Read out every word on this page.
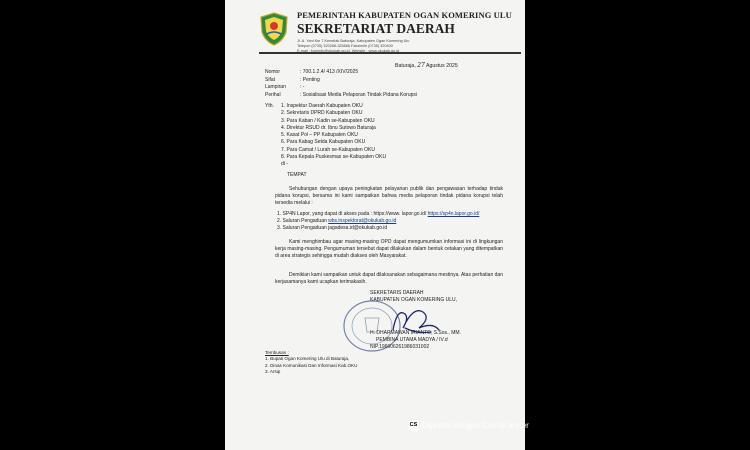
PEMERINTAH KABUPATEN OGAN KOMERING ULU
SEKRETARIAT DAERAH
Jl. A. Yani Km 7 Kemelak Baturaja, Kabupaten Ogan Komering Ulu
Telepon (0735) 320266-325666 Faksimile (0735) 320400
E-mail : kominfo@okukab.go.id, Website : www.okukab.go.id
Baturaja, 27 Agustus 2025
Nomor	: 700.1.2.4/ 413 /XIV/2025
Sifat	: Penting
Lampiran	: -
Perihal	: Sosialisasi Media Pelaporan Tindak Pidana Korupsi
Yth. 1. Inspektur Daerah Kabupaten OKU
2. Sekretaris DPRD Kabupaten OKU
3. Para Kaban / Kadin se-Kabupaten OKU
4. Direktur RSUD dr. Ibnu Sutowo Baturaja
5. Kasat Pol – PP Kabupaten OKU
6. Para Kabag Setda Kabupaten OKU
7. Para Camat / Lurah se-Kabupaten OKU
8. Para Kepala Puskesmas se-Kabupaten OKU
di -
TEMPAT

Sehubungan dengan upaya peningkatan pelayanan publik dan pengawasan terhadap tindak pidana korupsi, bersama ini kami sampaikan bahwa media pelaporan tindak pidana korupsi telah tersedia melalui :

1. SP4N Lapor, yang dapat di akses pada : https://www. lapor.go.id/ https://sp4n.lapor.go.id/
2. Saluran Pengaduan wbs.inspektorat@okukab.go.id
3. Saluran Pengaduan jagadesa.id@okukab.go.id

Kami menghimbau agar masing-masing OPD dapat mengumumkan informasi ini di lingkungan kerja masing-masing. Pengumuman tersebut dapat dilakukan dalam bentuk cetakan yang ditempatkan di area strategis sehingga mudah diakses oleh Masyarakat.

Demikian kami sampaikan untuk dapat dilaksanakan sebagaimana mestinya. Atas perhatian dan kerjasamanya kami ucapkan terimakasih.

SEKRETARIS DAERAH
KABUPATEN OGAN KOMERING ULU,
H. DHARMAWAN IRIANTO, S.Sos., MM.
PEMBINA UTAMA MADYA / IV.d
NIP.196606261986031002
Tembusan :
1. Bupati Ogan Komering Ulu di Baturaja,
2. Dinas Komunikasi Dan Informasi Kab.OKU
3. Arsip
CS Dipindai dengan CamScanner
